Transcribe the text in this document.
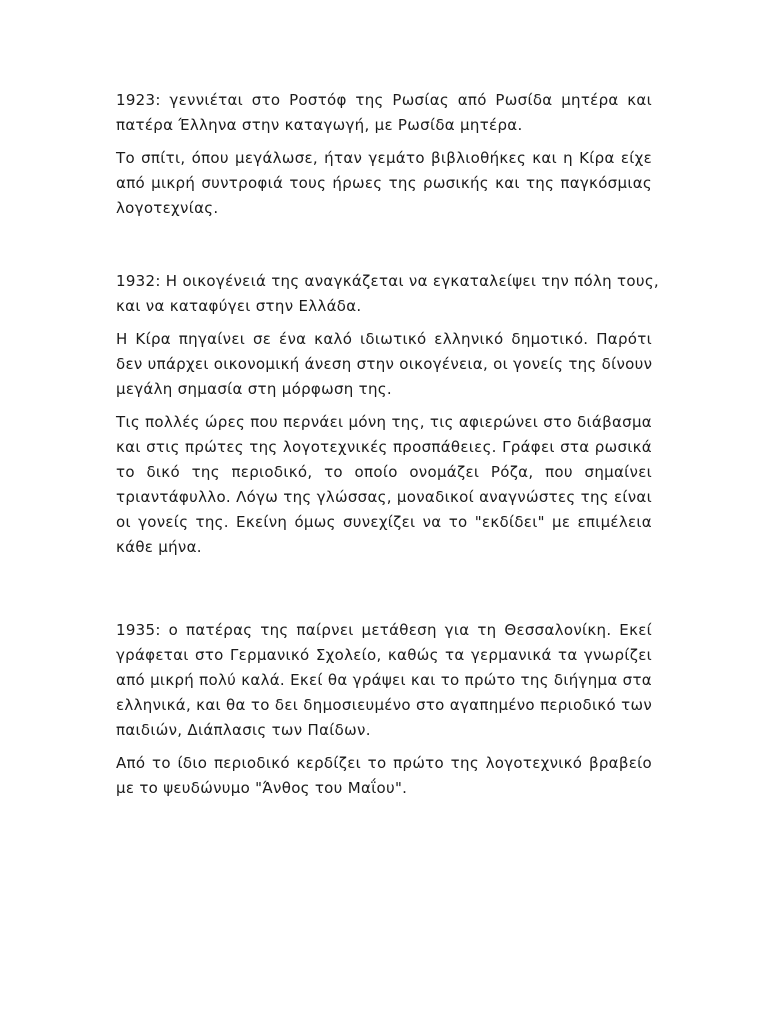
1923: γεννιέται στο Ροστόφ της Ρωσίας από Ρωσίδα μητέρα και
πατέρα Έλληνα στην καταγωγή, με Ρωσίδα μητέρα.

Το σπίτι, όπου μεγάλωσε, ήταν γεμάτο βιβλιοθήκες και η Κίρα είχε
από μικρή συντροφιά τους ήρωες της ρωσικής και της παγκόσμιας
λογοτεχνίας.

1932: Η οικογένειά της αναγκάζεται να εγκαταλείψει την πόλη τους,
και να καταφύγει στην Ελλάδα.

Η Κίρα πηγαίνει σε ένα καλό ιδιωτικό ελληνικό δημοτικό. Παρότι
δεν υπάρχει οικονομική άνεση στην οικογένεια, οι γονείς της δίνουν
μεγάλη σημασία στη μόρφωση της.

Τις πολλές ώρες που περνάει μόνη της, τις αφιερώνει στο διάβασμα
και στις πρώτες της λογοτεχνικές προσπάθειες. Γράφει στα ρωσικά
το δικό της περιοδικό, το οποίο ονομάζει Ρόζα, που σημαίνει
τριαντάφυλλο. Λόγω της γλώσσας, μοναδικοί αναγνώστες της είναι
οι γονείς της. Εκείνη όμως συνεχίζει να το "εκδίδει" με επιμέλεια
κάθε μήνα.

1935: ο πατέρας της παίρνει μετάθεση για τη Θεσσαλονίκη. Εκεί
γράφεται στο Γερμανικό Σχολείο, καθώς τα γερμανικά τα γνωρίζει
από μικρή πολύ καλά. Εκεί θα γράψει και το πρώτο της διήγημα στα
ελληνικά, και θα το δει δημοσιευμένο στο αγαπημένο περιοδικό των
παιδιών, Διάπλασις των Παίδων.

Από το ίδιο περιοδικό κερδίζει το πρώτο της λογοτεχνικό βραβείο
με το ψευδώνυμο "Άνθος του Μαΐου".
